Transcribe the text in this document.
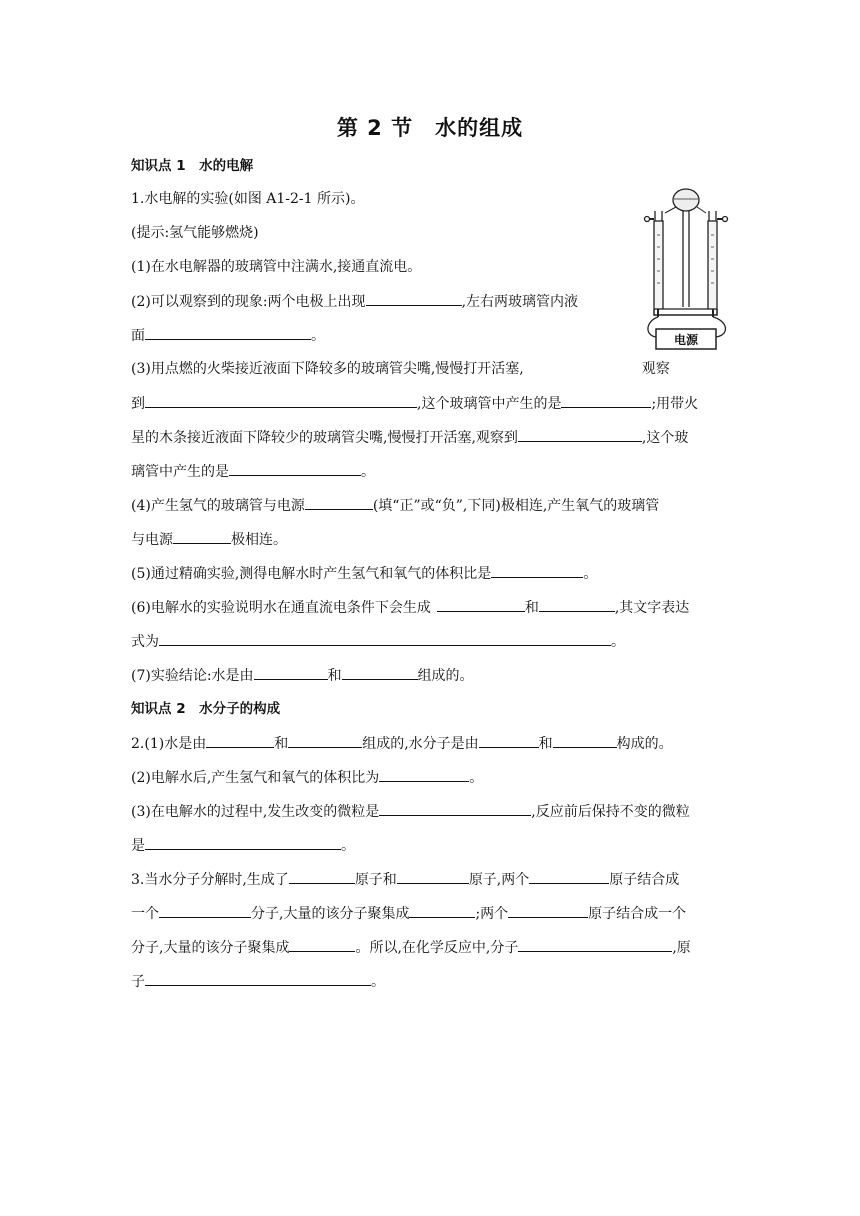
第 2 节　水的组成
知识点 1　水的电解
1.水电解的实验(如图 A1-2-1 所示)。
(提示:氢气能够燃烧)
(1)在水电解器的玻璃管中注满水,接通直流电。
(2)可以观察到的现象:两个电极上出现	,左右两玻璃管内液
面	。
(3)用点燃的火柴接近液面下降较多的玻璃管尖嘴,慢慢打开活塞,	观察
到	,这个玻璃管中产生的是	;用带火
星的木条接近液面下降较少的玻璃管尖嘴,慢慢打开活塞,观察到	,这个玻
璃管中产生的是	。
(4)产生氢气的玻璃管与电源	(填“正”或“负”,下同)极相连,产生氧气的玻璃管
与电源	极相连。
(5)通过精确实验,测得电解水时产生氢气和氧气的体积比是	。
(6)电解水的实验说明水在通直流电条件下会生成	和	,其文字表达
式为	。
(7)实验结论:水是由	和	组成的。
知识点 2　水分子的构成
2.(1)水是由	和	组成的,水分子是由	和	构成的。
(2)电解水后,产生氢气和氧气的体积比为	。
(3)在电解水的过程中,发生改变的微粒是	,反应前后保持不变的微粒
是	。
3.当水分子分解时,生成了	原子和	原子,两个	原子结合成
一个	分子,大量的该分子聚集成	;两个	原子结合成一个
分子,大量的该分子聚集成	。所以,在化学反应中,分子	,原
子	。
电源
